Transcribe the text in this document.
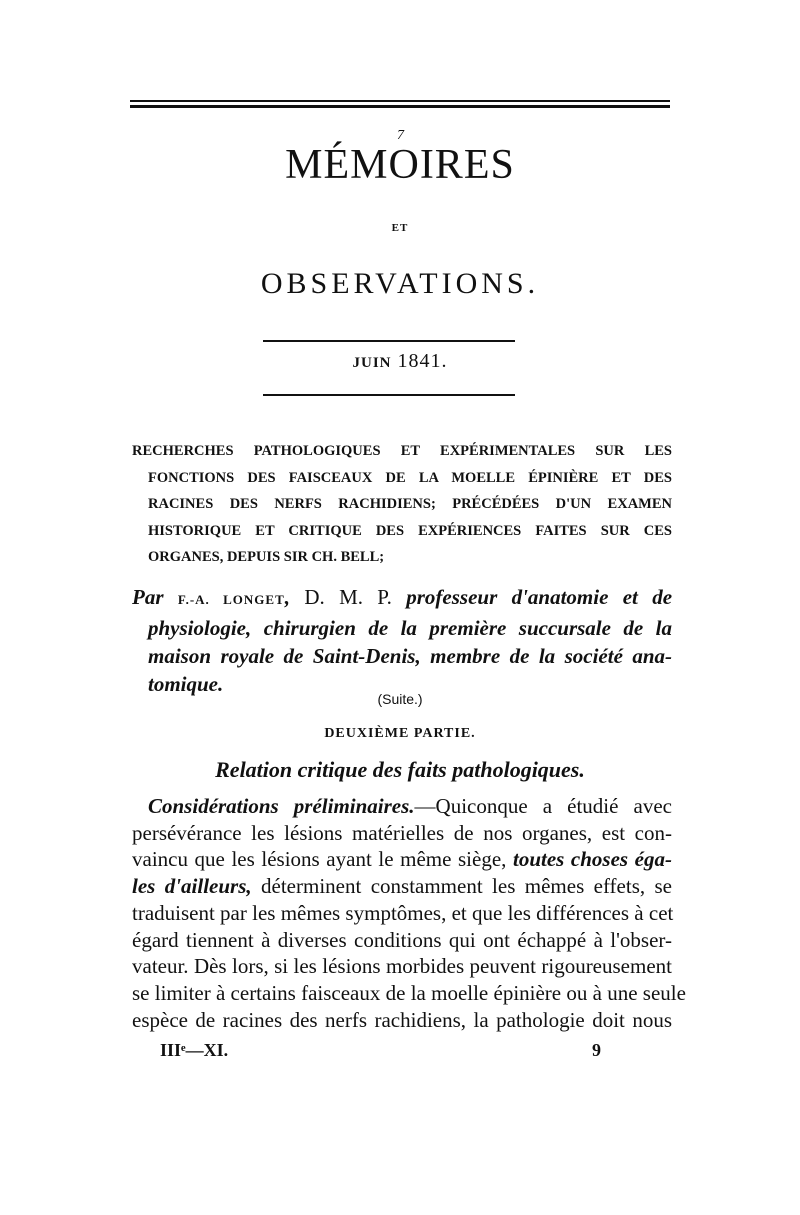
7
MÉMOIRES
ET
OBSERVATIONS.
JUIN 1841.
RECHERCHES PATHOLOGIQUES ET EXPÉRIMENTALES SUR LES
FONCTIONS DES FAISCEAUX DE LA MOELLE ÉPINIÈRE ET DES
RACINES DES NERFS RACHIDIENS; PRÉCÉDÉES D'UN EXAMEN
HISTORIQUE ET CRITIQUE DES EXPÉRIENCES FAITES SUR CES
ORGANES, DEPUIS SIR CH. BELL;
Par F.-A. LONGET, D. M. P. professeur d'anatomie et de
physiologie, chirurgien de la première succursale de la
maison royale de Saint-Denis, membre de la société ana-
tomique.
(Suite.)
DEUXIÈME PARTIE.
Relation critique des faits pathologiques.
Considérations préliminaires.—Quiconque a étudié avec
persévérance les lésions matérielles de nos organes, est con-
vaincu que les lésions ayant le même siège, toutes choses éga-
les d'ailleurs, déterminent constamment les mêmes effets, se
traduisent par les mêmes symptômes, et que les différences à cet
égard tiennent à diverses conditions qui ont échappé à l'obser-
vateur. Dès lors, si les lésions morbides peuvent rigoureusement
se limiter à certains faisceaux de la moelle épinière ou à une seule
espèce de racines des nerfs rachidiens, la pathologie doit nous
IIIᵉ—XI.	9
